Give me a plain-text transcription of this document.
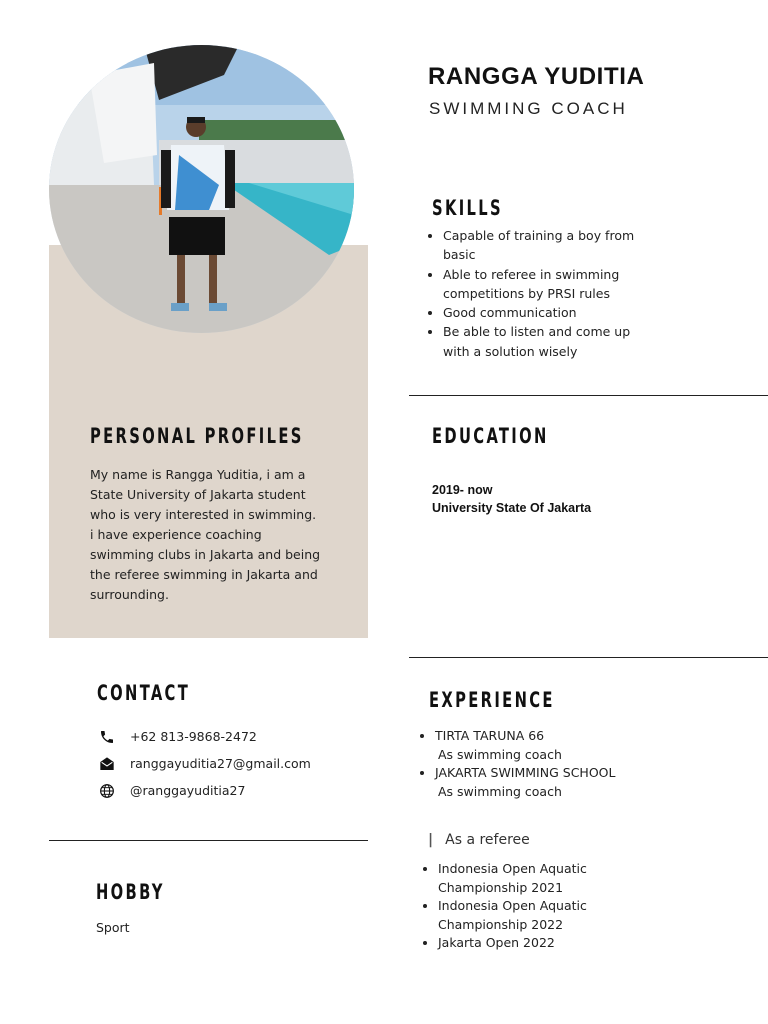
RANGGA YUDITIA
SWIMMING COACH
SKILLS
• Capable of training a boy from basic
• Able to referee in swimming competitions by PRSI rules
• Good communication
• Be able to listen and come up with a solution wisely
PERSONAL PROFILES
My name is Rangga Yuditia, i am a State University of Jakarta student who is very interested in swimming. i have experience coaching swimming clubs in Jakarta and being the referee swimming in Jakarta and surrounding.
EDUCATION
2019- now
University State Of Jakarta
CONTACT
+62 813-9868-2472
ranggayuditia27@gmail.com
@ranggayuditia27
HOBBY
Sport
EXPERIENCE
• TIRTA TARUNA 66
As swimming coach
• JAKARTA SWIMMING SCHOOL
As swimming coach
| As a referee
• Indonesia Open Aquatic Championship 2021
• Indonesia Open Aquatic Championship 2022
• Jakarta Open 2022
